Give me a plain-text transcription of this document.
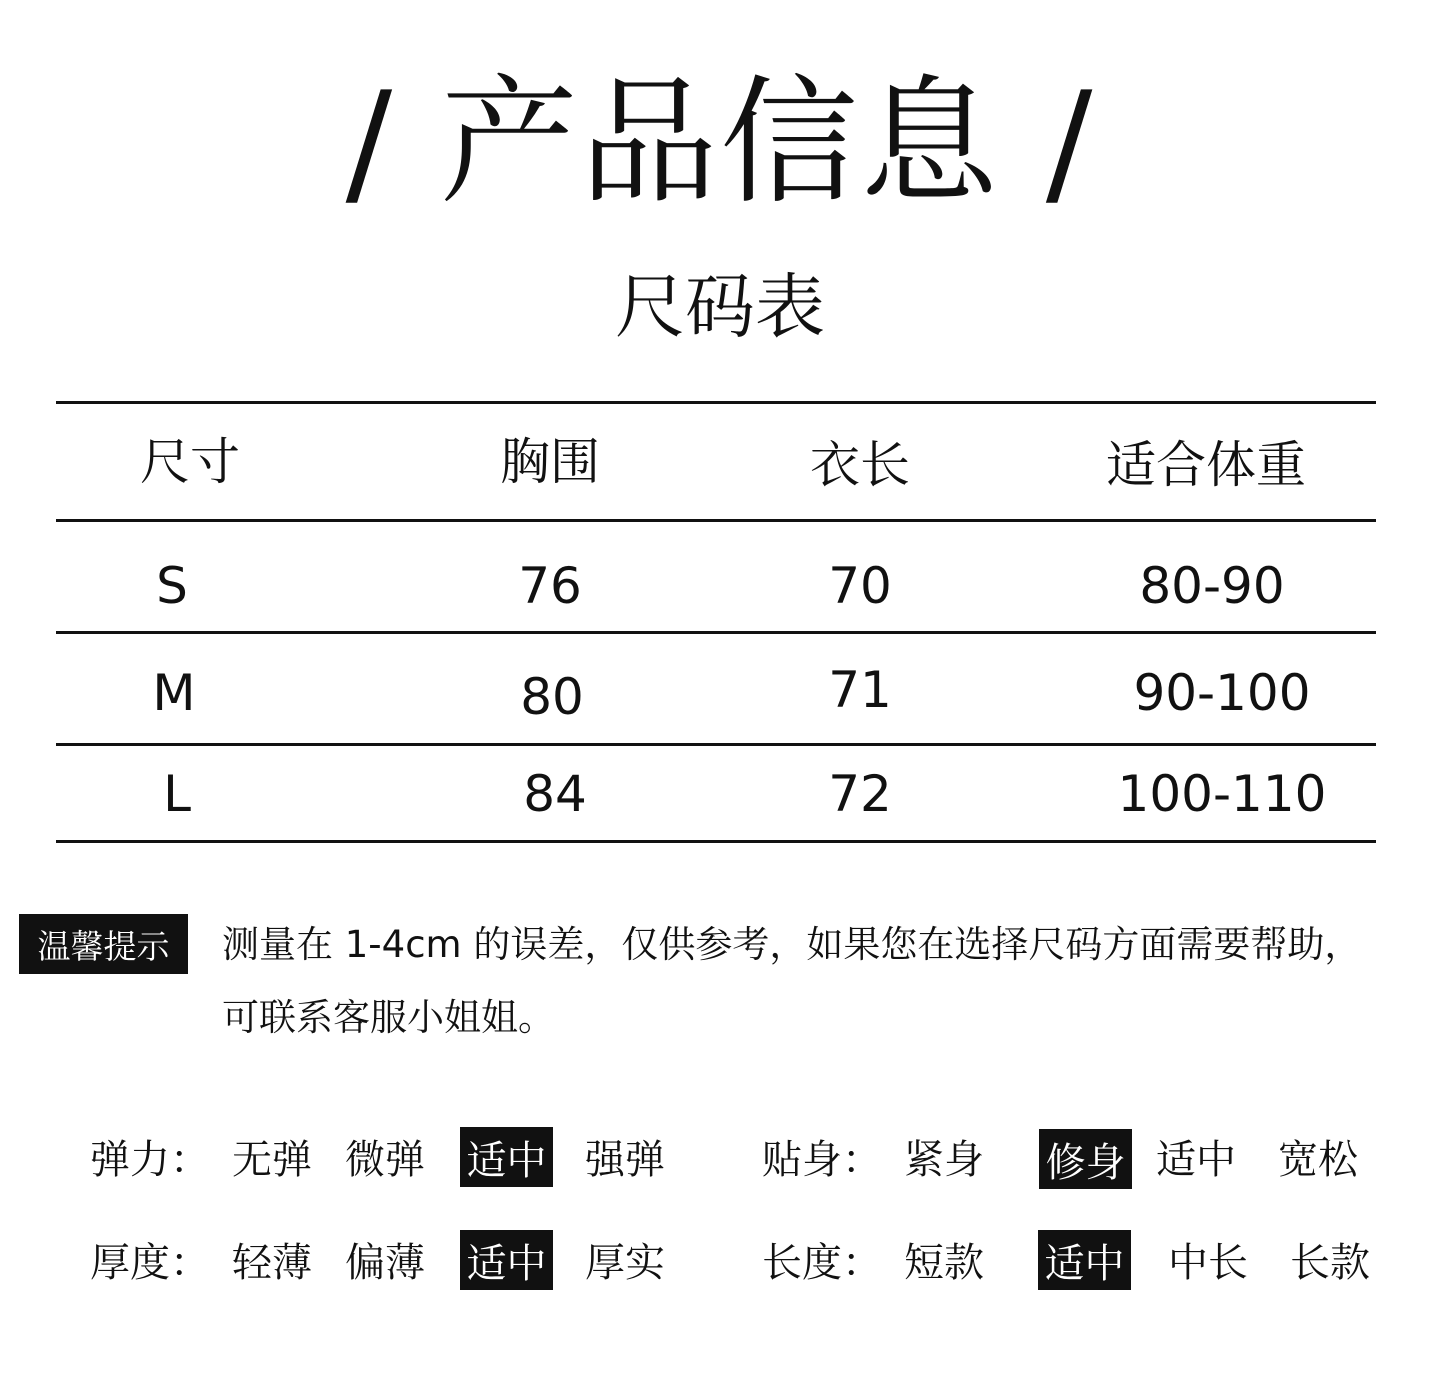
/ 产品信息 /
尺码表
尺寸	胸围	衣长	适合体重
S	76	70	80-90
M	80	71	90-100
L	84	72	100-110
温馨提示	测量在 1-4cm 的误差，仅供参考，如果您在选择尺码方面需要帮助，
可联系客服小姐姐。
弹力： 无弹 微弹 适中 强弹 贴身： 紧身 修身 适中 宽松
厚度： 轻薄 偏薄 适中 厚实 长度： 短款 适中 中长 长款
